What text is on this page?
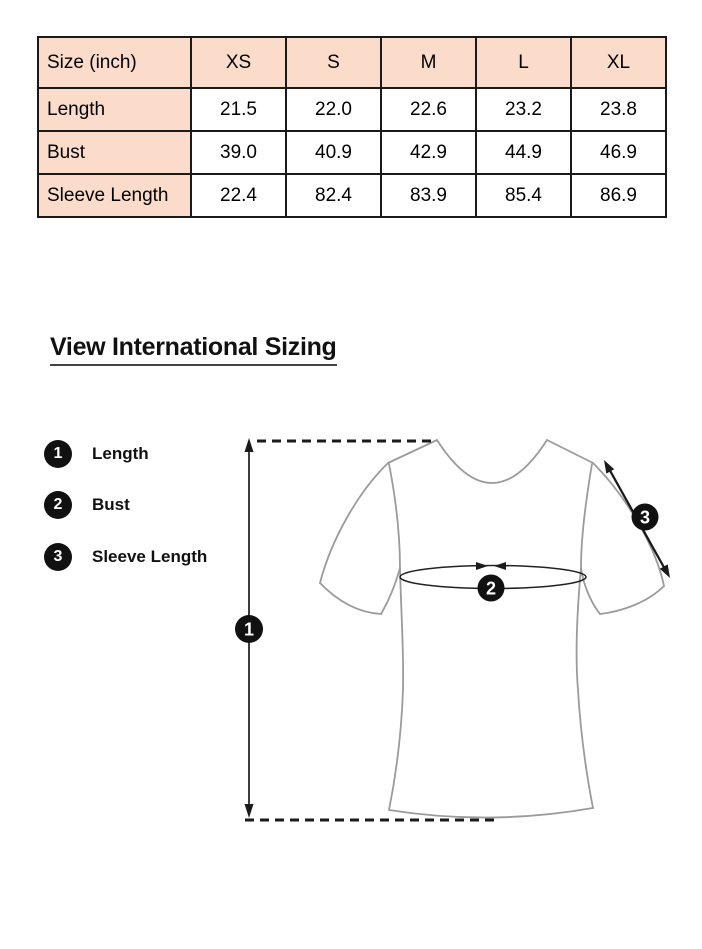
Size (inch)	XS	S	M	L	XL
Length	21.5	22.0	22.6	23.2	23.8
Bust	39.0	40.9	42.9	44.9	46.9
Sleeve Length	22.4	82.4	83.9	85.4	86.9
View International Sizing
1	Length
2	Bust
3	Sleeve Length
1
2
3
